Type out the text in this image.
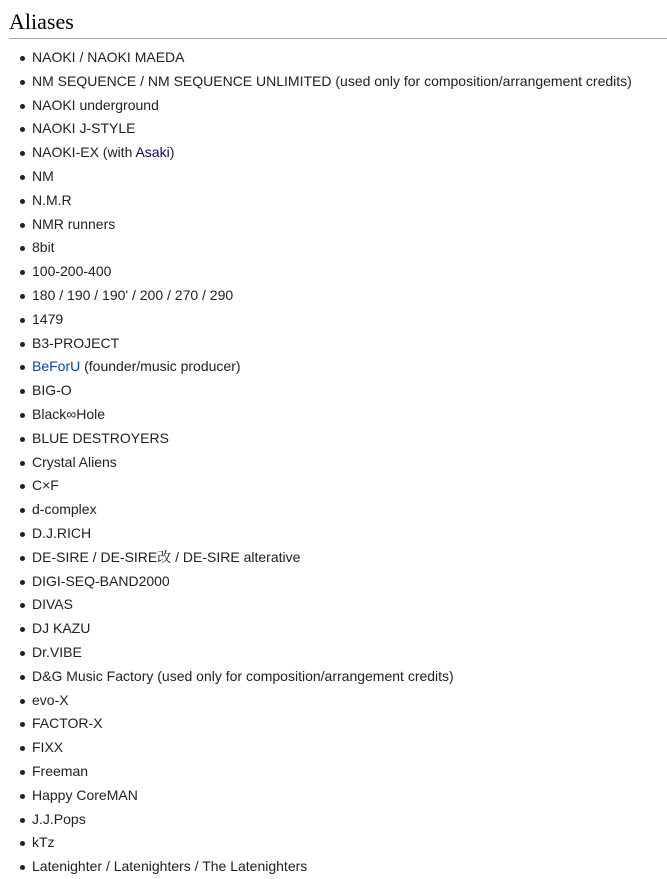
Aliases
NAOKI / NAOKI MAEDA
NM SEQUENCE / NM SEQUENCE UNLIMITED (used only for composition/arrangement credits)
NAOKI underground
NAOKI J-STYLE
NAOKI-EX (with Asaki)
NM
N.M.R
NMR runners
8bit
100-200-400
180 / 190 / 190' / 200 / 270 / 290
1479
B3-PROJECT
BeForU (founder/music producer)
BIG-O
Black∞Hole
BLUE DESTROYERS
Crystal Aliens
C×F
d-complex
D.J.RICH
DE-SIRE / DE-SIRE改 / DE-SIRE alterative
DIGI-SEQ-BAND2000
DIVAS
DJ KAZU
Dr.VIBE
D&G Music Factory (used only for composition/arrangement credits)
evo-X
FACTOR-X
FIXX
Freeman
Happy CoreMAN
J.J.Pops
kTz
Latenighter / Latenighters / The Latenighters
